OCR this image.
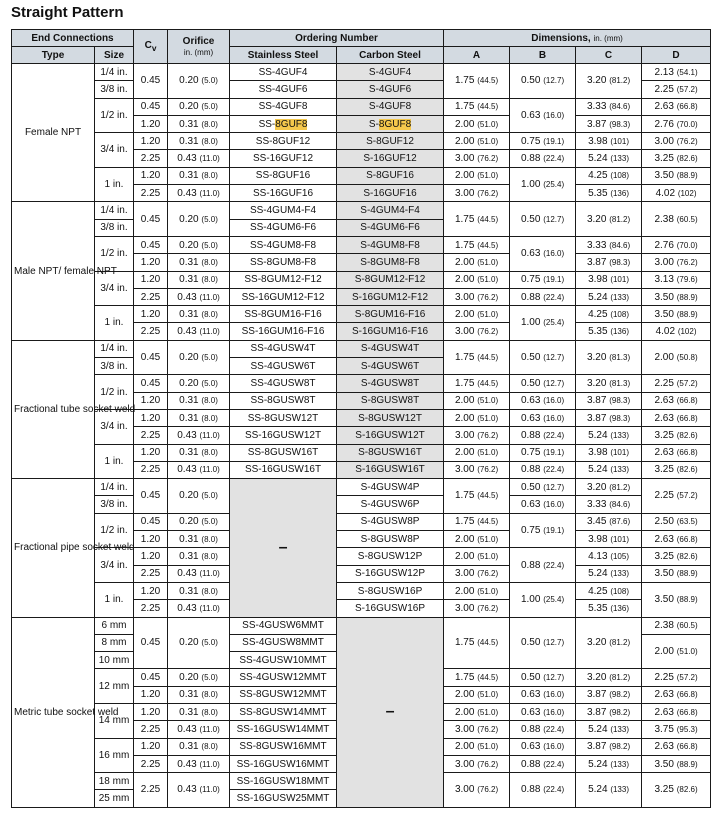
Straight Pattern
End Connections		$C_v$	Orifice
in. (mm)	Ordering Number		Dimensions, in. (mm)			
Type	Size			Stainless Steel	Carbon Steel	A	B	C	D
Female NPT	1/4 in.	0.45	0.20 (5.0)	SS-4GUF4	S-4GUF4	1.75 (44.5)	0.50 (12.7)	3.20 (81.2)	2.13 (54.1)
	3/8 in.			SS-4GUF6	S-4GUF6				2.25 (57.2)
	1/2 in.	0.45	0.20 (5.0)	SS-4GUF8	S-4GUF8	1.75 (44.5)	0.63 (16.0)	3.33 (84.6)	2.63 (66.8)
		1.20	0.31 (8.0)	SS-8GUF8	S-8GUF8	2.00 (51.0)		3.87 (98.3)	2.76 (70.0)
	3/4 in.	1.20	0.31 (8.0)	SS-8GUF12	S-8GUF12	2.00 (51.0)	0.75 (19.1)	3.98 (101)	3.00 (76.2)
		2.25	0.43 (11.0)	SS-16GUF12	S-16GUF12	3.00 (76.2)	0.88 (22.4)	5.24 (133)	3.25 (82.6)
	1 in.	1.20	0.31 (8.0)	SS-8GUF16	S-8GUF16	2.00 (51.0)	1.00 (25.4)	4.25 (108)	3.50 (88.9)
		2.25	0.43 (11.0)	SS-16GUF16	S-16GUF16	3.00 (76.2)		5.35 (136)	4.02 (102)
Male NPT/ female NPT	1/4 in.	0.45	0.20 (5.0)	SS-4GUM4-F4	S-4GUM4-F4	1.75 (44.5)	0.50 (12.7)	3.20 (81.2)	2.38 (60.5)
	3/8 in.			SS-4GUM6-F6	S-4GUM6-F6				
	1/2 in.	0.45	0.20 (5.0)	SS-4GUM8-F8	S-4GUM8-F8	1.75 (44.5)	0.63 (16.0)	3.33 (84.6)	2.76 (70.0)
		1.20	0.31 (8.0)	SS-8GUM8-F8	S-8GUM8-F8	2.00 (51.0)		3.87 (98.3)	3.00 (76.2)
	3/4 in.	1.20	0.31 (8.0)	SS-8GUM12-F12	S-8GUM12-F12	2.00 (51.0)	0.75 (19.1)	3.98 (101)	3.13 (79.6)
		2.25	0.43 (11.0)	SS-16GUM12-F12	S-16GUM12-F12	3.00 (76.2)	0.88 (22.4)	5.24 (133)	3.50 (88.9)
	1 in.	1.20	0.31 (8.0)	SS-8GUM16-F16	S-8GUM16-F16	2.00 (51.0)	1.00 (25.4)	4.25 (108)	3.50 (88.9)
		2.25	0.43 (11.0)	SS-16GUM16-F16	S-16GUM16-F16	3.00 (76.2)		5.35 (136)	4.02 (102)
Fractional tube socket weld	1/4 in.	0.45	0.20 (5.0)	SS-4GUSW4T	S-4GUSW4T	1.75 (44.5)	0.50 (12.7)	3.20 (81.3)	2.00 (50.8)
	3/8 in.			SS-4GUSW6T	S-4GUSW6T				
	1/2 in.	0.45	0.20 (5.0)	SS-4GUSW8T	S-4GUSW8T	1.75 (44.5)	0.50 (12.7)	3.20 (81.3)	2.25 (57.2)
		1.20	0.31 (8.0)	SS-8GUSW8T	S-8GUSW8T	2.00 (51.0)	0.63 (16.0)	3.87 (98.3)	2.63 (66.8)
	3/4 in.	1.20	0.31 (8.0)	SS-8GUSW12T	S-8GUSW12T	2.00 (51.0)	0.63 (16.0)	3.87 (98.3)	2.63 (66.8)
		2.25	0.43 (11.0)	SS-16GUSW12T	S-16GUSW12T	3.00 (76.2)	0.88 (22.4)	5.24 (133)	3.25 (82.6)
	1 in.	1.20	0.31 (8.0)	SS-8GUSW16T	S-8GUSW16T	2.00 (51.0)	0.75 (19.1)	3.98 (101)	2.63 (66.8)
		2.25	0.43 (11.0)	SS-16GUSW16T	S-16GUSW16T	3.00 (76.2)	0.88 (22.4)	5.24 (133)	3.25 (82.6)
Fractional pipe socket weld	1/4 in.	0.45	0.20 (5.0)	–	S-4GUSW4P	1.75 (44.5)	0.50 (12.7)	3.20 (81.2)	2.25 (57.2)
	3/8 in.				S-4GUSW6P		0.63 (16.0)	3.33 (84.6)	
	1/2 in.	0.45	0.20 (5.0)		S-4GUSW8P	1.75 (44.5)	0.75 (19.1)	3.45 (87.6)	2.50 (63.5)
		1.20	0.31 (8.0)		S-8GUSW8P	2.00 (51.0)		3.98 (101)	2.63 (66.8)
	3/4 in.	1.20	0.31 (8.0)		S-8GUSW12P	2.00 (51.0)	0.88 (22.4)	4.13 (105)	3.25 (82.6)
		2.25	0.43 (11.0)		S-16GUSW12P	3.00 (76.2)		5.24 (133)	3.50 (88.9)
	1 in.	1.20	0.31 (8.0)		S-8GUSW16P	2.00 (51.0)	1.00 (25.4)	4.25 (108)	3.50 (88.9)
		2.25	0.43 (11.0)		S-16GUSW16P	3.00 (76.2)		5.35 (136)	
Metric tube socket weld	6 mm	0.45	0.20 (5.0)	SS-4GUSW6MMT	–	1.75 (44.5)	0.50 (12.7)	3.20 (81.2)	2.38 (60.5)
	8 mm			SS-4GUSW8MMT					2.00 (51.0)
	10 mm			SS-4GUSW10MMT					
	12 mm	0.45	0.20 (5.0)	SS-4GUSW12MMT		1.75 (44.5)	0.50 (12.7)	3.20 (81.2)	2.25 (57.2)
		1.20	0.31 (8.0)	SS-8GUSW12MMT		2.00 (51.0)	0.63 (16.0)	3.87 (98.2)	2.63 (66.8)
	14 mm	1.20	0.31 (8.0)	SS-8GUSW14MMT		2.00 (51.0)	0.63 (16.0)	3.87 (98.2)	2.63 (66.8)
		2.25	0.43 (11.0)	SS-16GUSW14MMT		3.00 (76.2)	0.88 (22.4)	5.24 (133)	3.75 (95.3)
	16 mm	1.20	0.31 (8.0)	SS-8GUSW16MMT		2.00 (51.0)	0.63 (16.0)	3.87 (98.2)	2.63 (66.8)
		2.25	0.43 (11.0)	SS-16GUSW16MMT		3.00 (76.2)	0.88 (22.4)	5.24 (133)	3.50 (88.9)
	18 mm	2.25	0.43 (11.0)	SS-16GUSW18MMT		3.00 (76.2)	0.88 (22.4)	5.24 (133)	3.25 (82.6)
	25 mm			SS-16GUSW25MMT					
